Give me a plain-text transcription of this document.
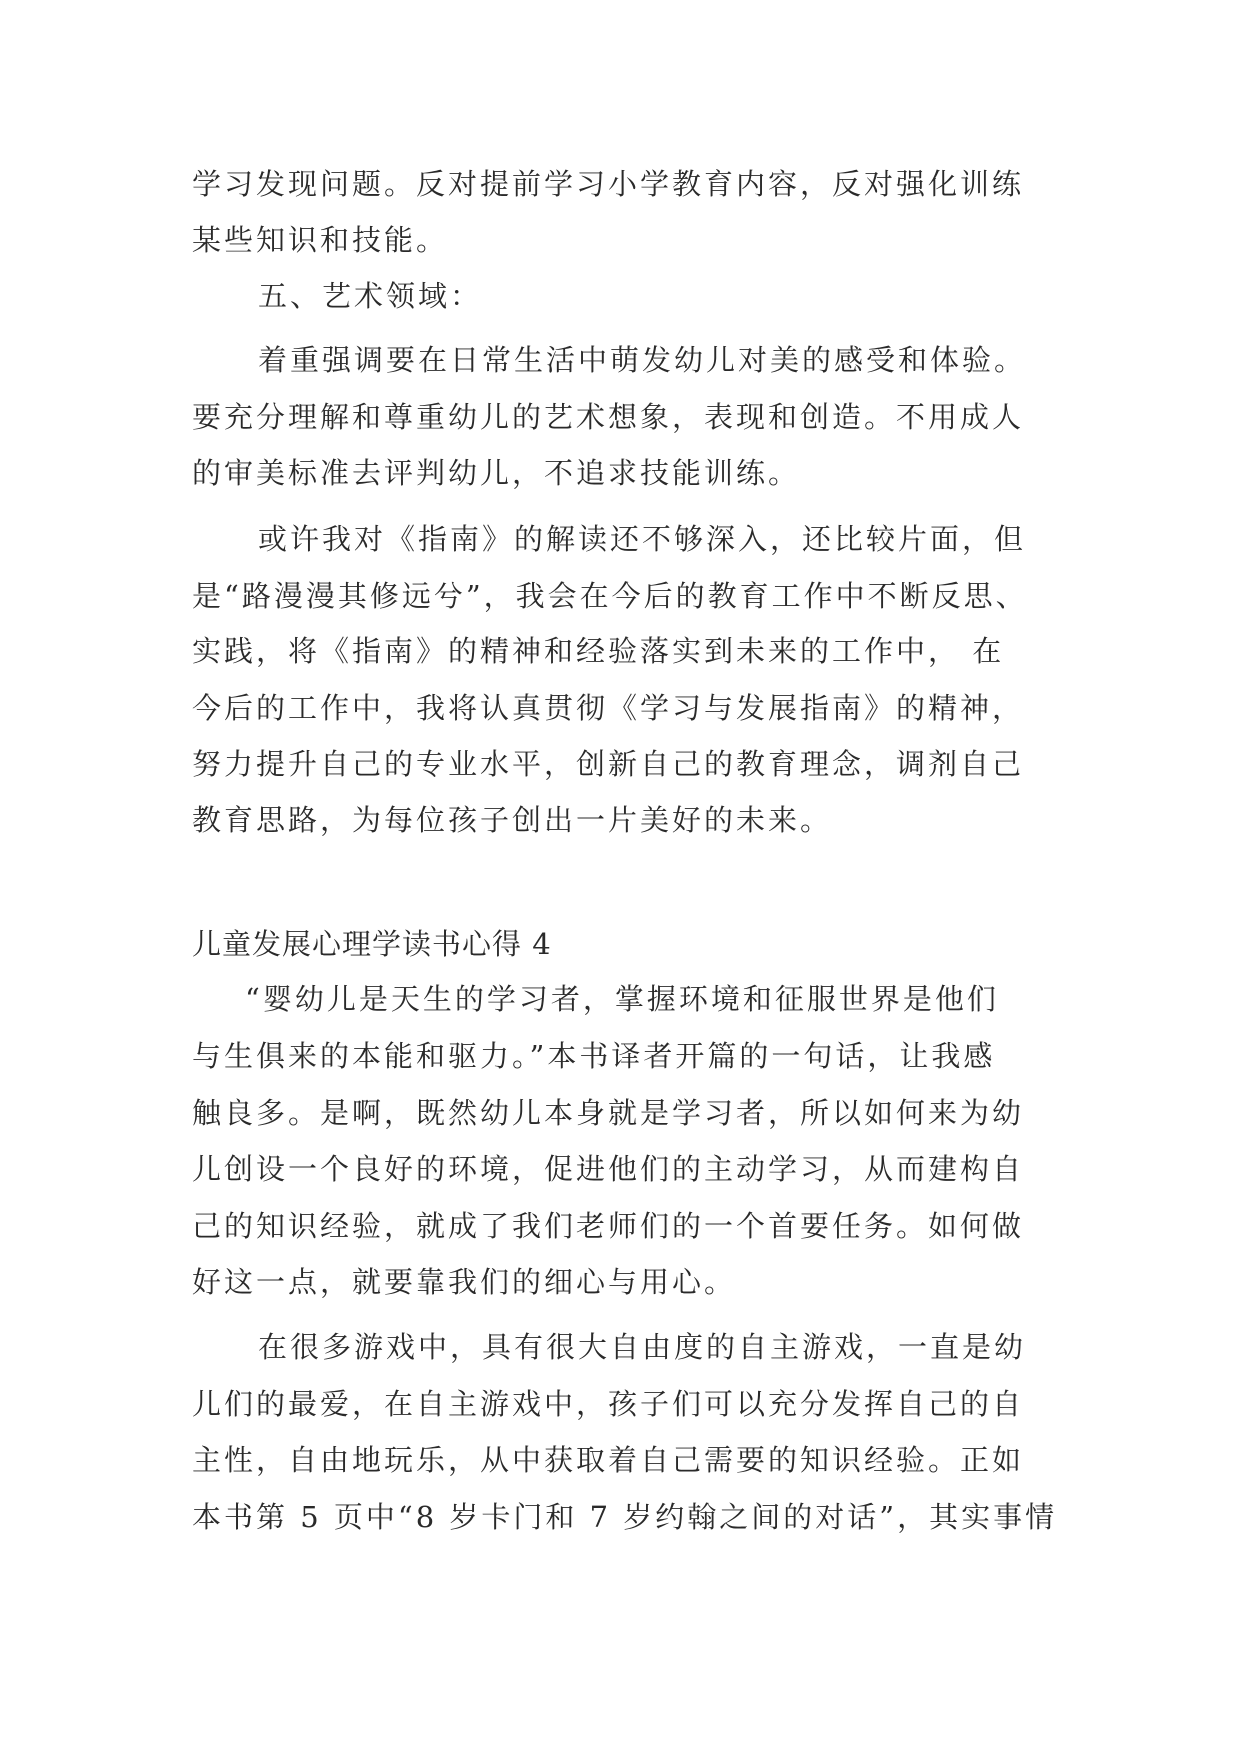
学习发现问题。反对提前学习小学教育内容，反对强化训练

某些知识和技能。

五、艺术领域：

着重强调要在日常生活中萌发幼儿对美的感受和体验。

要充分理解和尊重幼儿的艺术想象，表现和创造。不用成人

的审美标准去评判幼儿，不追求技能训练。

或许我对《指南》的解读还不够深入，还比较片面，但

是“路漫漫其修远兮”，我会在今后的教育工作中不断反思、

实践，将《指南》的精神和经验落实到未来的工作中， 在

今后的工作中，我将认真贯彻《学习与发展指南》的精神，

努力提升自己的专业水平，创新自己的教育理念，调剂自己

教育思路，为每位孩子创出一片美好的未来。

儿童发展心理学读书心得 4

“婴幼儿是天生的学习者，掌握环境和征服世界是他们

与生俱来的本能和驱力。”本书译者开篇的一句话，让我感

触良多。是啊，既然幼儿本身就是学习者，所以如何来为幼

儿创设一个良好的环境，促进他们的主动学习，从而建构自

己的知识经验，就成了我们老师们的一个首要任务。如何做

好这一点，就要靠我们的细心与用心。

在很多游戏中，具有很大自由度的自主游戏，一直是幼

儿们的最爱，在自主游戏中，孩子们可以充分发挥自己的自

主性，自由地玩乐，从中获取着自己需要的知识经验。正如

本书第 5 页中“8 岁卡门和 7 岁约翰之间的对话”，其实事情
